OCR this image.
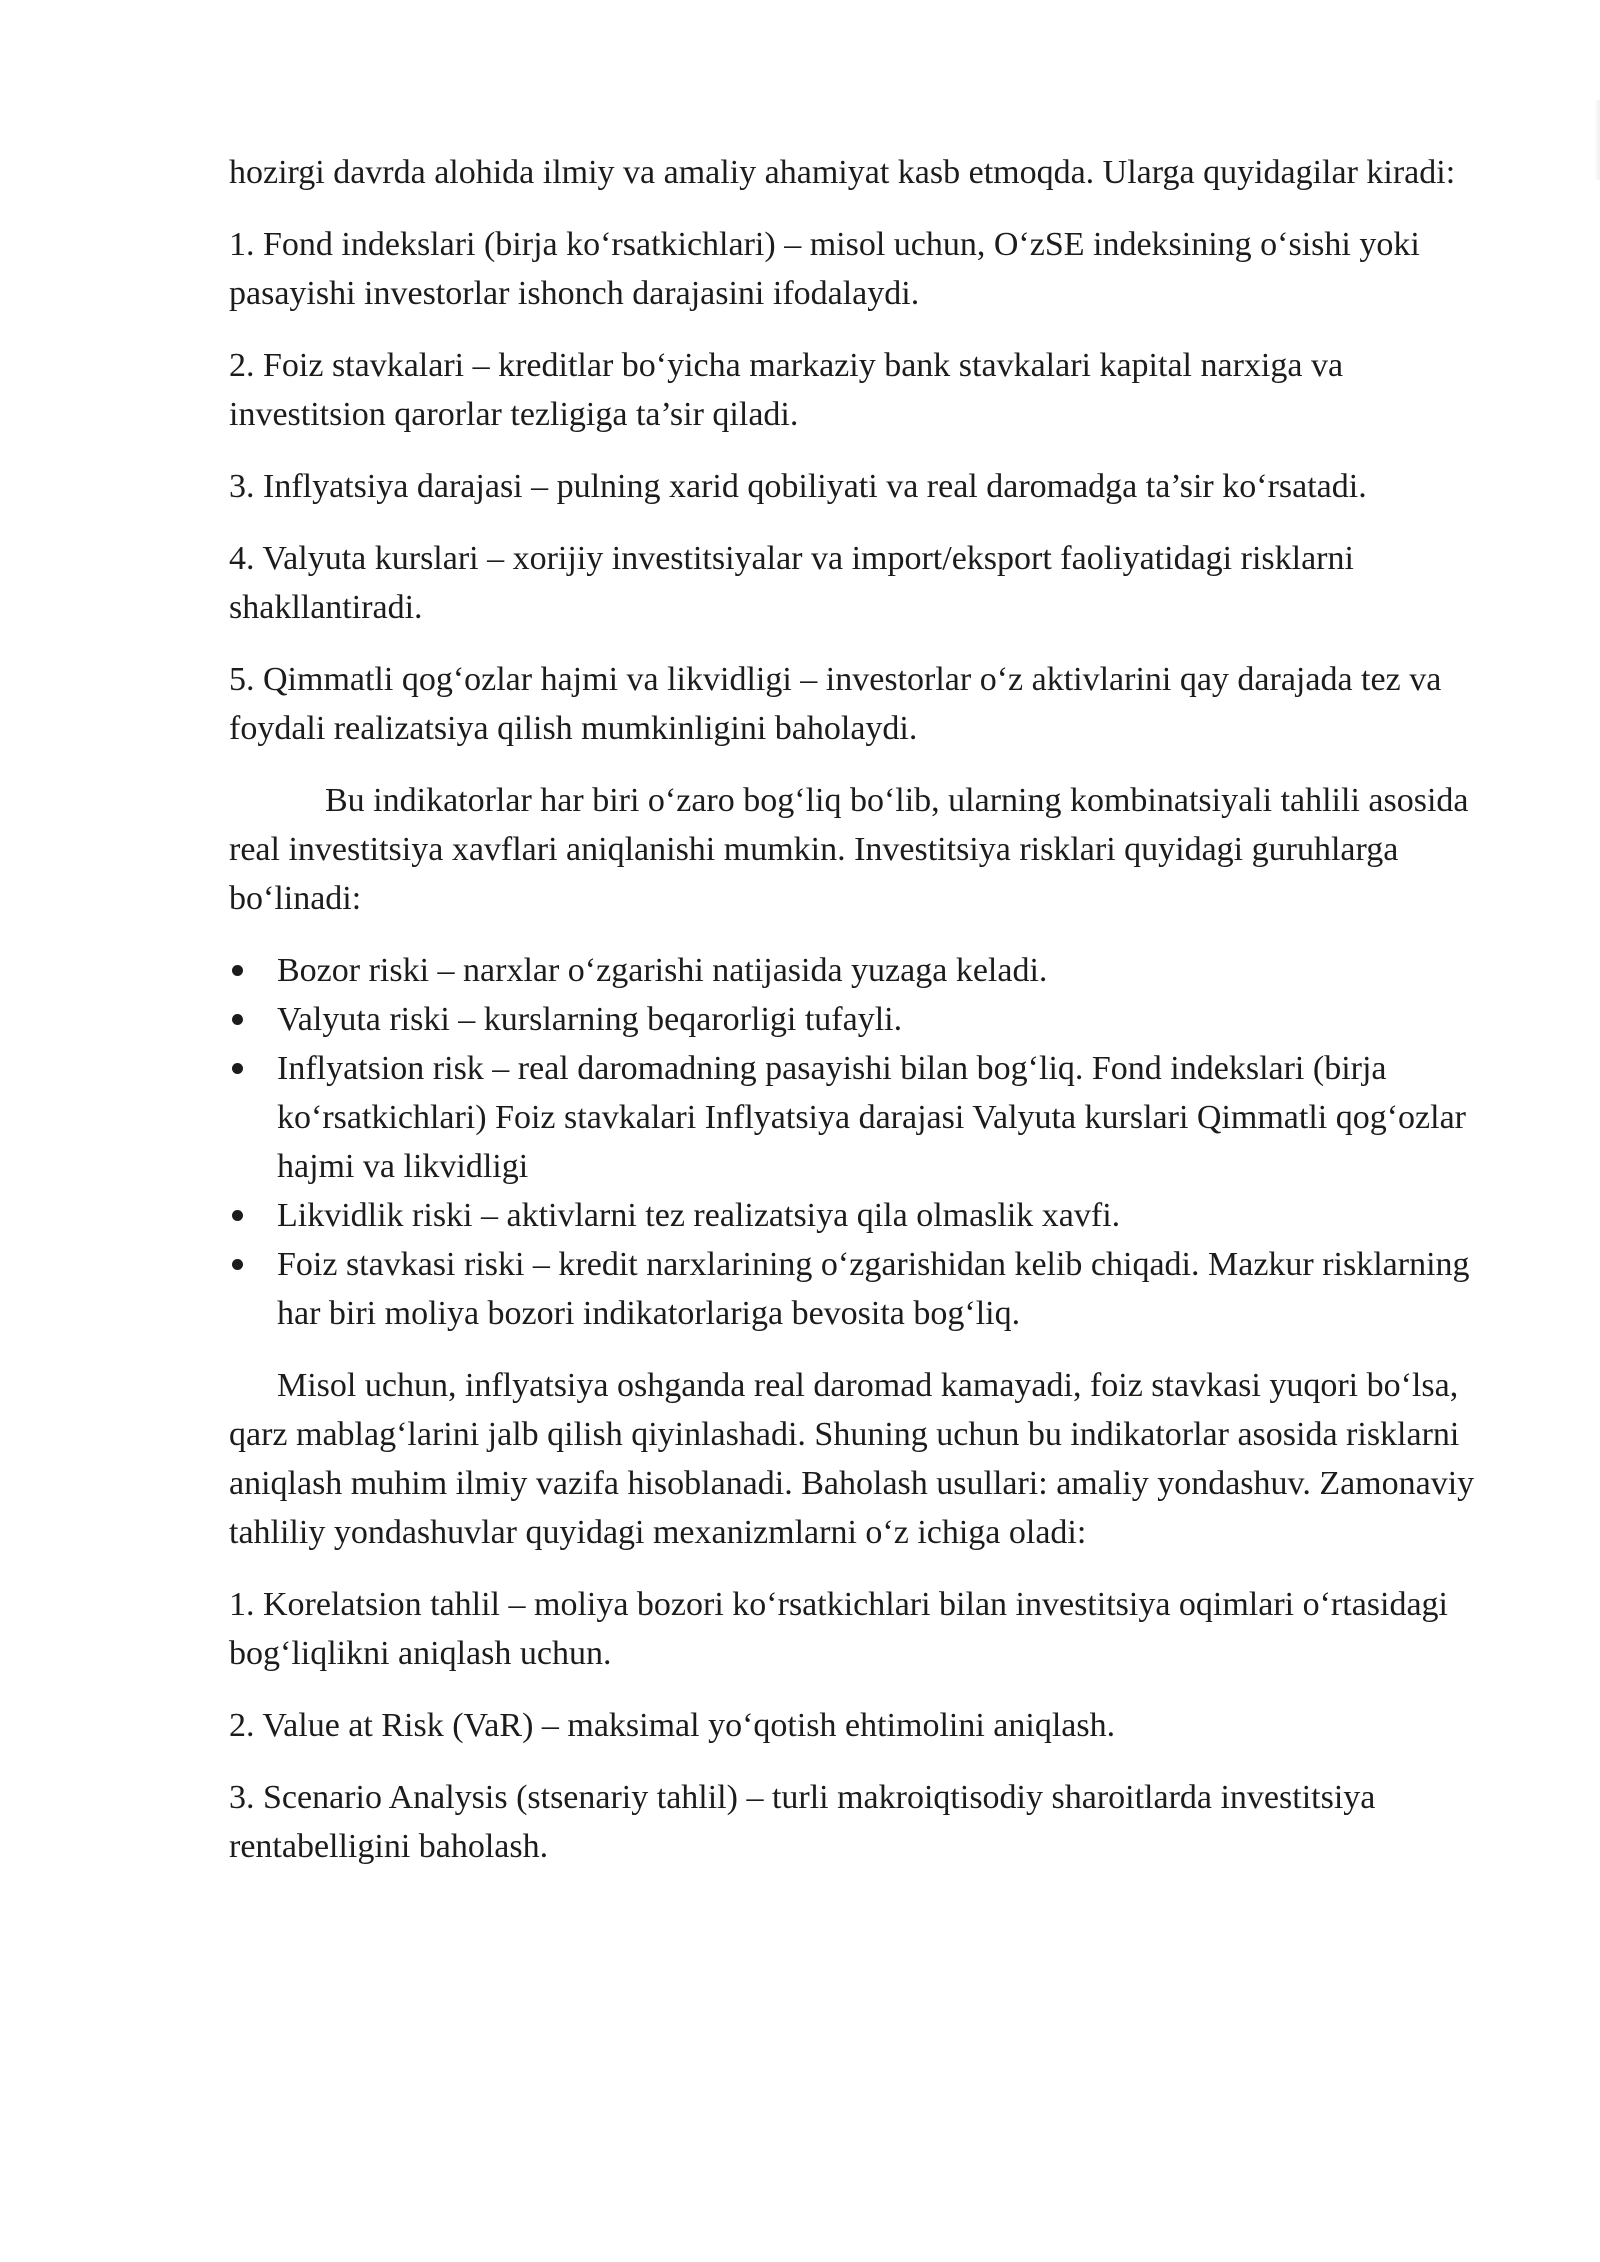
hozirgi davrda alohida ilmiy va amaliy ahamiyat kasb etmoqda. Ularga quyidagilar kiradi:

1. Fond indekslari (birja ko‘rsatkichlari) – misol uchun, O‘zSE indeksining o‘sishi yoki pasayishi investorlar ishonch darajasini ifodalaydi.

2. Foiz stavkalari – kreditlar bo‘yicha markaziy bank stavkalari kapital narxiga va investitsion qarorlar tezligiga ta’sir qiladi.

3. Inflyatsiya darajasi – pulning xarid qobiliyati va real daromadga ta’sir ko‘rsatadi.

4. Valyuta kurslari – xorijiy investitsiyalar va import/eksport faoliyatidagi risklarni shakllantiradi.

5. Qimmatli qog‘ozlar hajmi va likvidligi – investorlar o‘z aktivlarini qay darajada tez va foydali realizatsiya qilish mumkinligini baholaydi.

Bu indikatorlar har biri o‘zaro bog‘liq bo‘lib, ularning kombinatsiyali tahlili asosida real investitsiya xavflari aniqlanishi mumkin. Investitsiya risklari quyidagi guruhlarga bo‘linadi:

Bozor riski – narxlar o‘zgarishi natijasida yuzaga keladi.
Valyuta riski – kurslarning beqarorligi tufayli.
Inflyatsion risk – real daromadning pasayishi bilan bog‘liq. Fond indekslari (birja ko‘rsatkichlari) Foiz stavkalari Inflyatsiya darajasi Valyuta kurslari Qimmatli qog‘ozlar hajmi va likvidligi
Likvidlik riski – aktivlarni tez realizatsiya qila olmaslik xavfi.
Foiz stavkasi riski – kredit narxlarining o‘zgarishidan kelib chiqadi. Mazkur risklarning har biri moliya bozori indikatorlariga bevosita bog‘liq.

Misol uchun, inflyatsiya oshganda real daromad kamayadi, foiz stavkasi yuqori bo‘lsa, qarz mablag‘larini jalb qilish qiyinlashadi. Shuning uchun bu indikatorlar asosida risklarni aniqlash muhim ilmiy vazifa hisoblanadi. Baholash usullari: amaliy yondashuv. Zamonaviy tahliliy yondashuvlar quyidagi mexanizmlarni o‘z ichiga oladi:

1. Korelatsion tahlil – moliya bozori ko‘rsatkichlari bilan investitsiya oqimlari o‘rtasidagi bog‘liqlikni aniqlash uchun.

2. Value at Risk (VaR) – maksimal yo‘qotish ehtimolini aniqlash.

3. Scenario Analysis (stsenariy tahlil) – turli makroiqtisodiy sharoitlarda investitsiya rentabelligini baholash.
